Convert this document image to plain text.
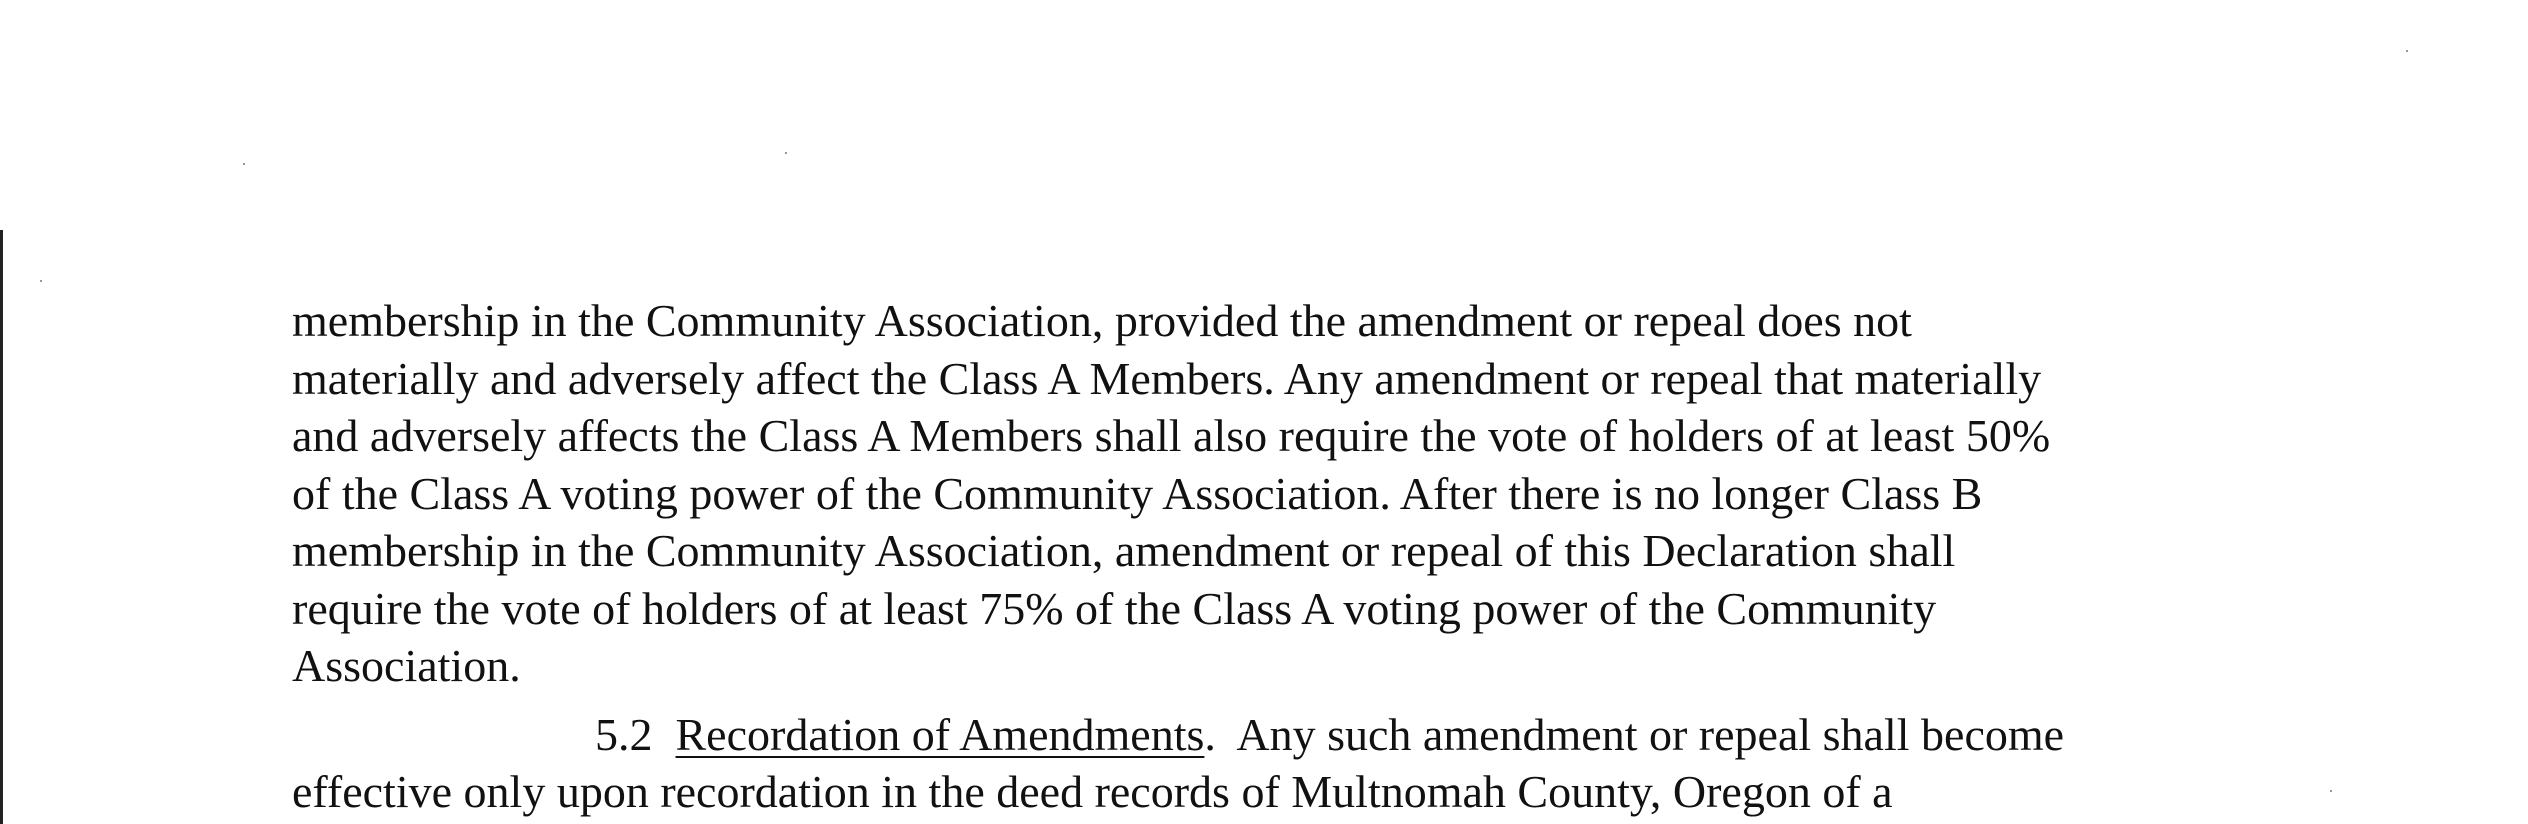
membership in the Community Association, provided the amendment or repeal does not
materially and adversely affect the Class A Members. Any amendment or repeal that materially
and adversely affects the Class A Members shall also require the vote of holders of at least 50%
of the Class A voting power of the Community Association. After there is no longer Class B
membership in the Community Association, amendment or repeal of this Declaration shall
require the vote of holders of at least 75% of the Class A voting power of the Community
Association.
5.2 Recordation of Amendments. Any such amendment or repeal shall become
effective only upon recordation in the deed records of Multnomah County, Oregon of a
